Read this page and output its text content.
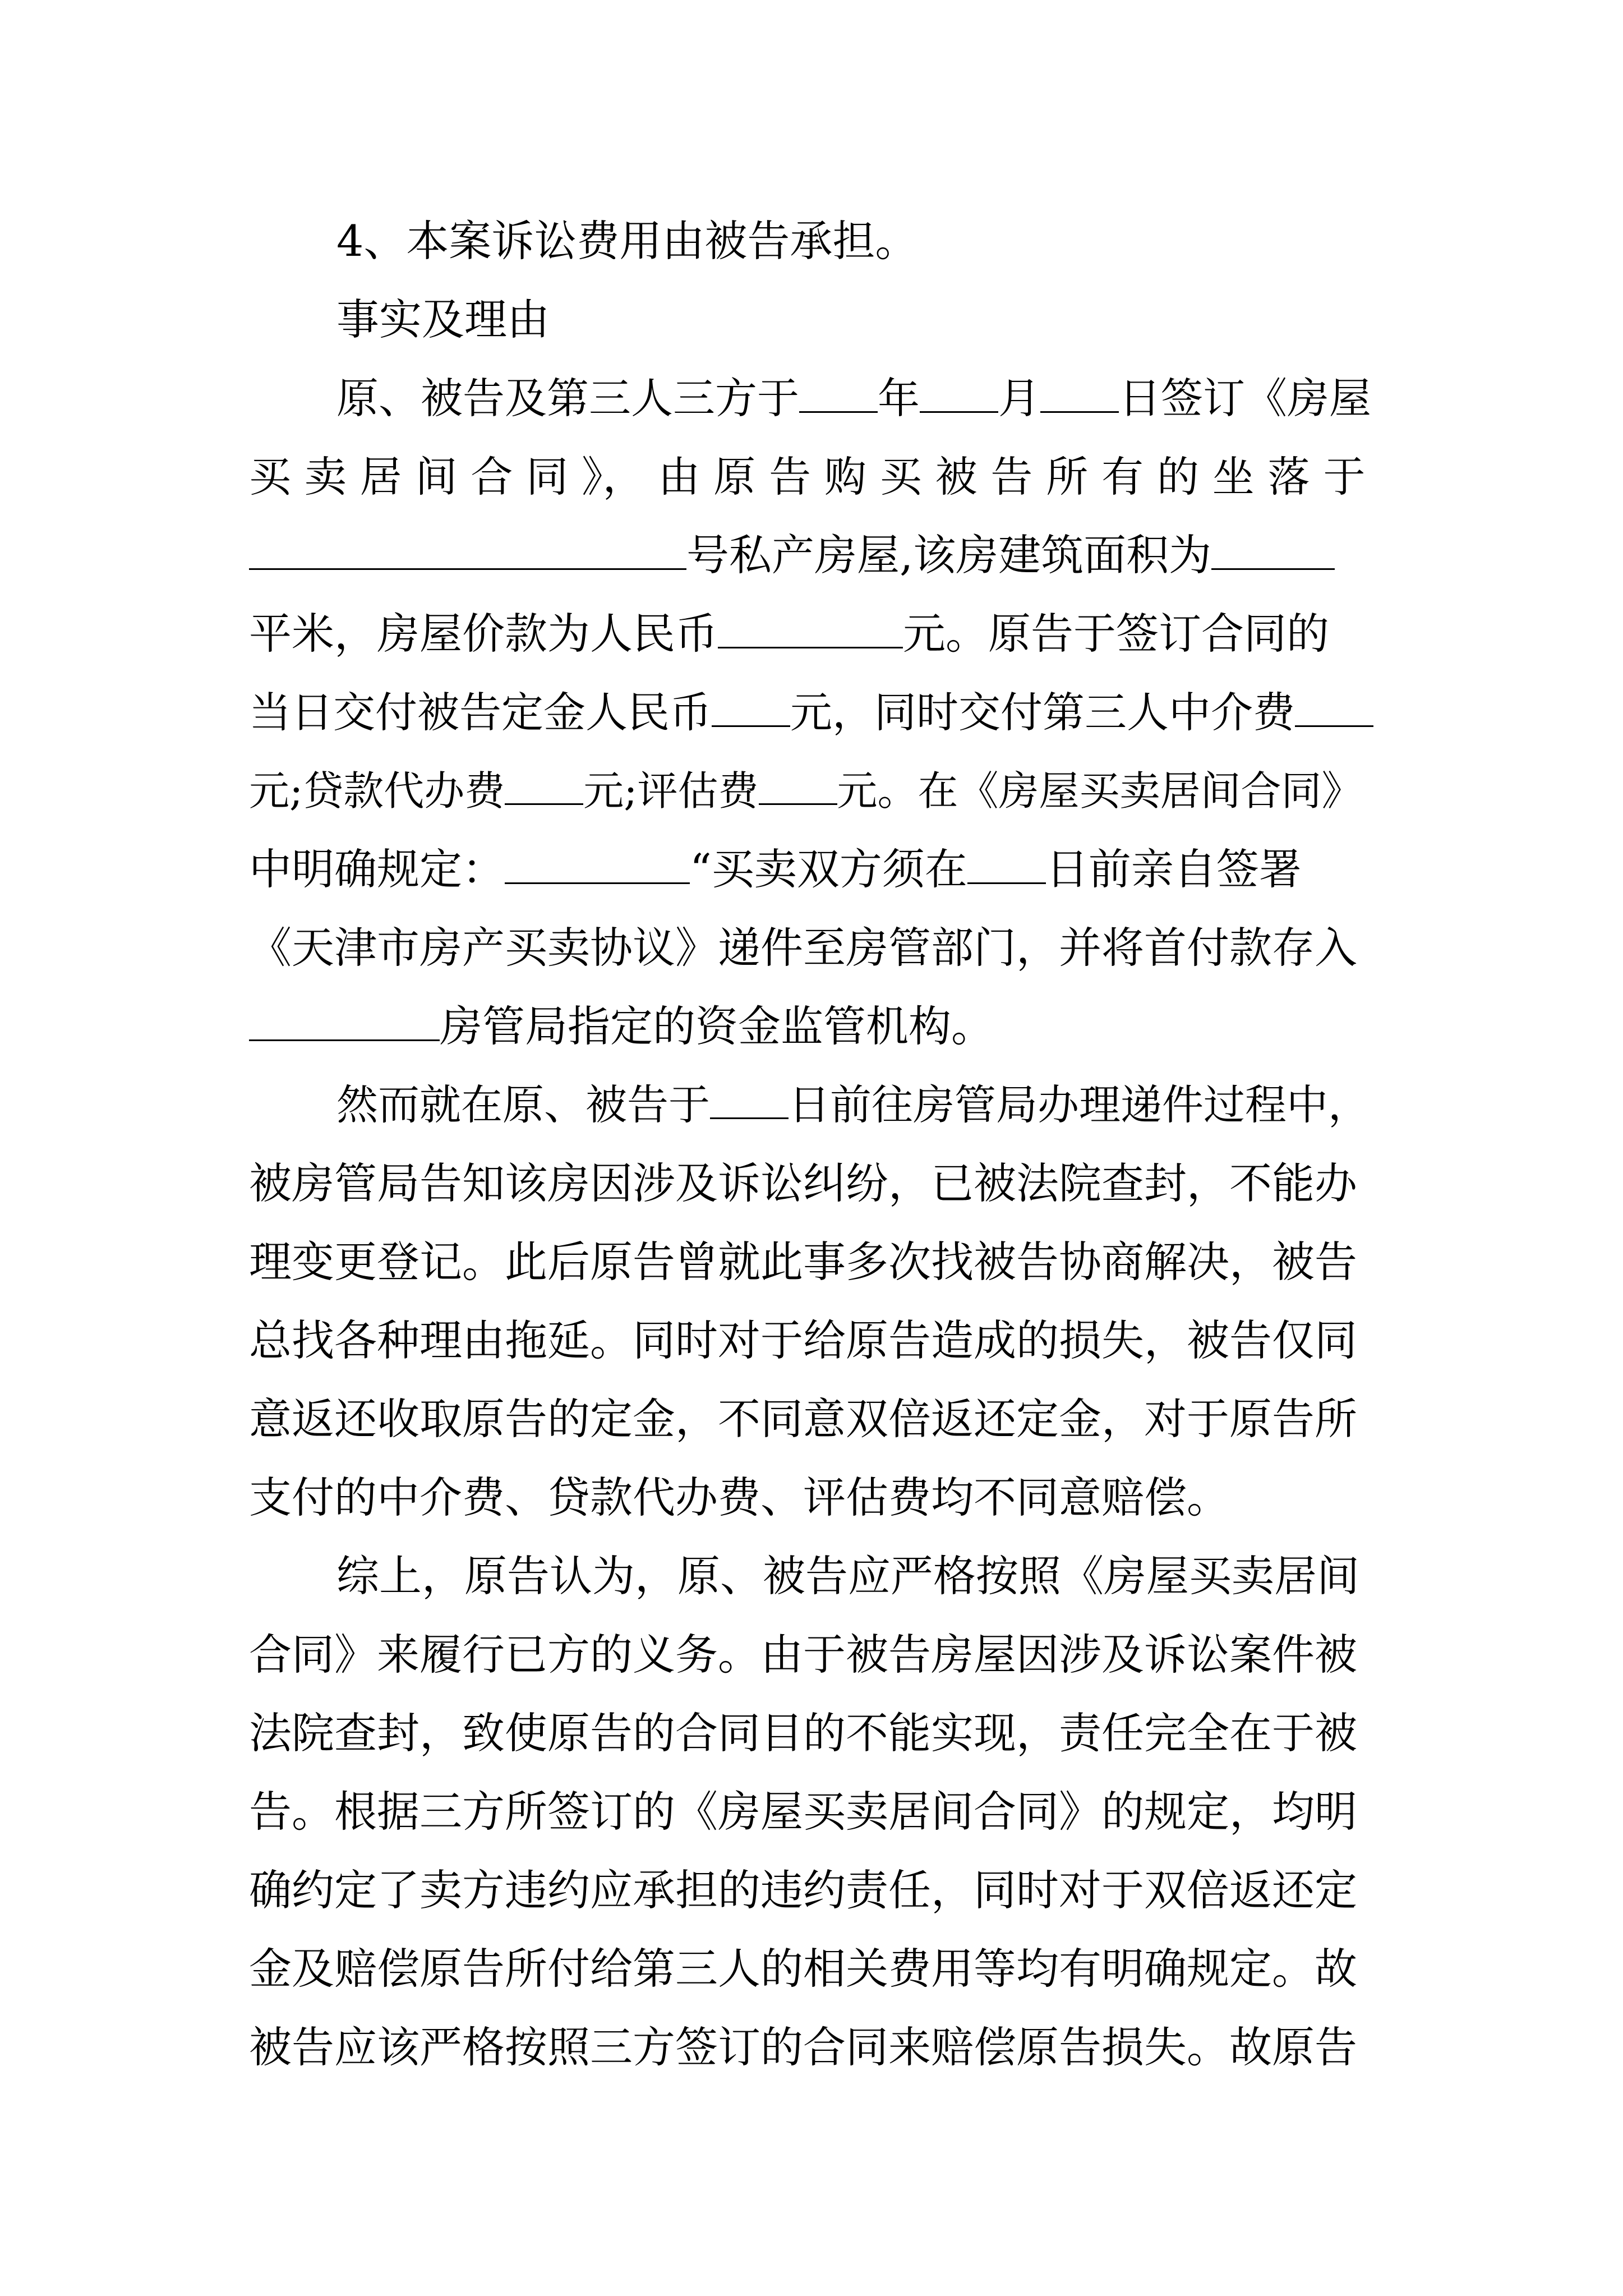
4、本案诉讼费用由被告承担。
事实及理由
原、被告及第三人三方于 年 月 日签订《房屋
买 卖 居 间 合 同 》， 由 原 告 购 买 被 告 所 有 的 坐 落 于
号私产房屋,该房建筑面积为
平米，房屋价款为人民币	元。原告于签订合同的
当日交付被告定金人民币 元，同时交付第三人中介费
元;贷款代办费 元;评估费 元。在《房屋买卖居间合同》
中明确规定：	“买卖双方须在 日前亲自签署
《天津市房产买卖协议》递件至房管部门，并将首付款存入
房管局指定的资金监管机构。
然而就在原、被告于 日前往房管局办理递件过程中，
被房管局告知该房因涉及诉讼纠纷，已被法院查封，不能办
理变更登记。此后原告曾就此事多次找被告协商解决，被告
总找各种理由拖延。同时对于给原告造成的损失，被告仅同
意返还收取原告的定金，不同意双倍返还定金，对于原告所
支付的中介费、贷款代办费、评估费均不同意赔偿。
综上，原告认为，原、被告应严格按照《房屋买卖居间
合同》来履行已方的义务。由于被告房屋因涉及诉讼案件被
法院查封，致使原告的合同目的不能实现，责任完全在于被
告。根据三方所签订的《房屋买卖居间合同》的规定，均明
确约定了卖方违约应承担的违约责任，同时对于双倍返还定
金及赔偿原告所付给第三人的相关费用等均有明确规定。故
被告应该严格按照三方签订的合同来赔偿原告损失。故原告
